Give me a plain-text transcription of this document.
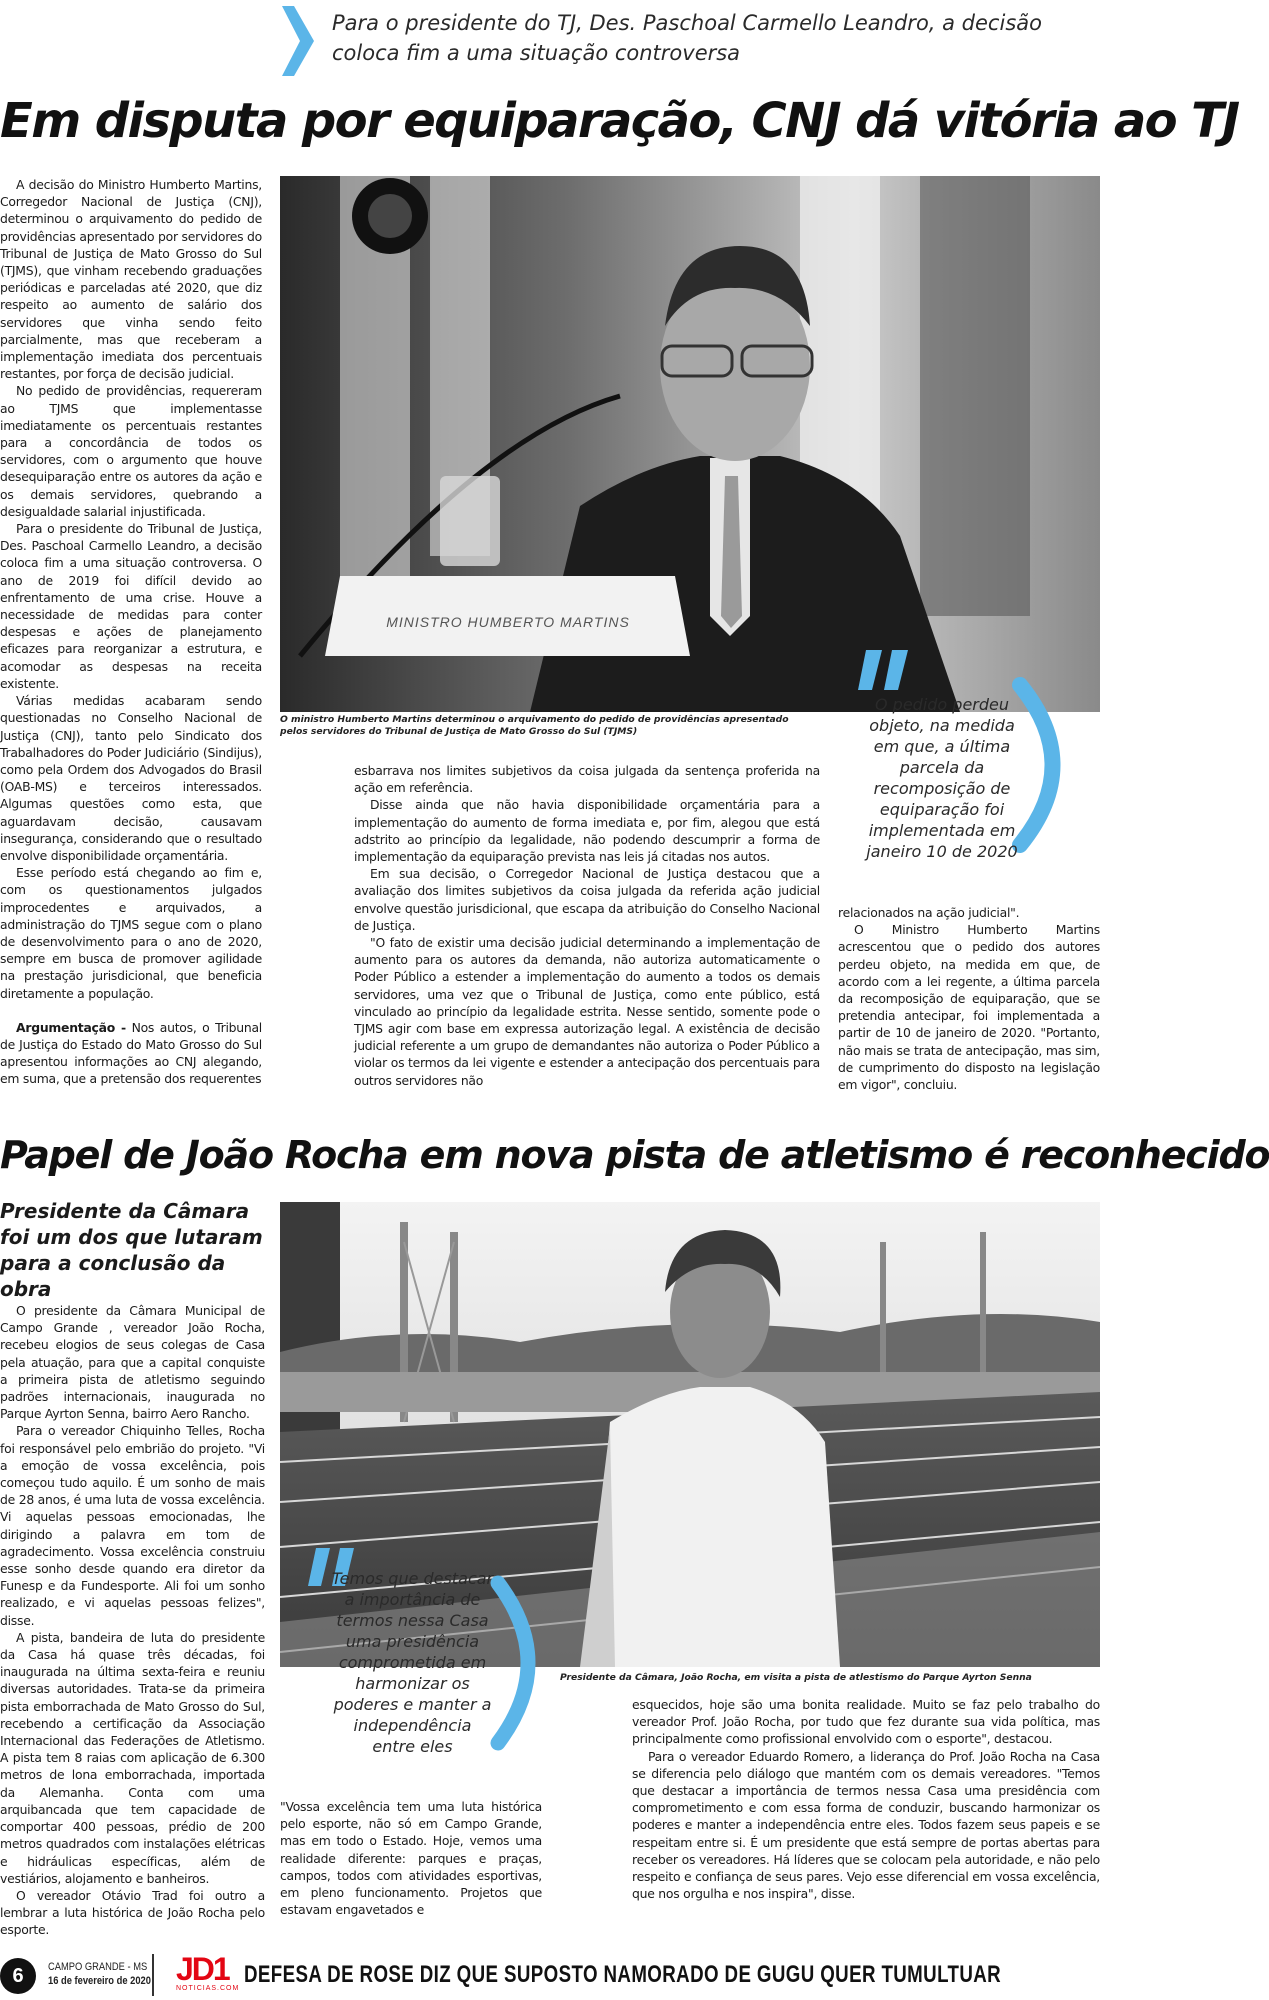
Para o presidente do TJ, Des. Paschoal Carmello Leandro, a decisão coloca fim a uma situação controversa
Em disputa por equiparação, CNJ dá vitória ao TJ

A decisão do Ministro Humberto Martins, Corregedor Nacional de Justiça (CNJ), determinou o arquivamento do pedido de providências apresentado por servidores do Tribunal de Justiça de Mato Grosso do Sul (TJMS), que vinham recebendo graduações periódicas e parceladas até 2020, que diz respeito ao aumento de salário dos servidores que vinha sendo feito parcialmente, mas que receberam a implementação imediata dos percentuais restantes, por força de decisão judicial.

No pedido de providências, requereram ao TJMS que implementasse imediatamente os percentuais restantes para a concordância de todos os servidores, com o argumento que houve desequiparação entre os autores da ação e os demais servidores, quebrando a desigualdade salarial injustificada.

Para o presidente do Tribunal de Justiça, Des. Paschoal Carmello Leandro, a decisão coloca fim a uma situação controversa. O ano de 2019 foi difícil devido ao enfrentamento de uma crise. Houve a necessidade de medidas para conter despesas e ações de planejamento eficazes para reorganizar a estrutura, e acomodar as despesas na receita existente.

Várias medidas acabaram sendo questionadas no Conselho Nacional de Justiça (CNJ), tanto pelo Sindicato dos Trabalhadores do Poder Judiciário (Sindijus), como pela Ordem dos Advogados do Brasil (OAB-MS) e terceiros interessados. Algumas questões como esta, que aguardavam decisão, causavam insegurança, considerando que o resultado envolve disponibilidade orçamentária.

Esse período está chegando ao fim e, com os questionamentos julgados improcedentes e arquivados, a administração do TJMS segue com o plano de desenvolvimento para o ano de 2020, sempre em busca de promover agilidade na prestação jurisdicional, que beneficia diretamente a população.

Argumentação - Nos autos, o Tribunal de Justiça do Estado do Mato Grosso do Sul apresentou informações ao CNJ alegando, em suma, que a pretensão dos requerentes

MINISTRO HUMBERTO MARTINS
O ministro Humberto Martins determinou o arquivamento do pedido de providências apresentado pelos servidores do Tribunal de Justiça de Mato Grosso do Sul (TJMS)
O pedido perdeu objeto, na medida em que, a última parcela da recomposição de equiparação foi implementada em janeiro 10 de 2020

esbarrava nos limites subjetivos da coisa julgada da sentença proferida na ação em referência.

Disse ainda que não havia disponibilidade orçamentária para a implementação do aumento de forma imediata e, por fim, alegou que está adstrito ao princípio da legalidade, não podendo descumprir a forma de implementação da equiparação prevista nas leis já citadas nos autos.

Em sua decisão, o Corregedor Nacional de Justiça destacou que a avaliação dos limites subjetivos da coisa julgada da referida ação judicial envolve questão jurisdicional, que escapa da atribuição do Conselho Nacional de Justiça.

"O fato de existir uma decisão judicial determinando a implementação de aumento para os autores da demanda, não autoriza automaticamente o Poder Público a estender a implementação do aumento a todos os demais servidores, uma vez que o Tribunal de Justiça, como ente público, está vinculado ao princípio da legalidade estrita. Nesse sentido, somente pode o TJMS agir com base em expressa autorização legal. A existência de decisão judicial referente a um grupo de demandantes não autoriza o Poder Público a violar os termos da lei vigente e estender a antecipação dos percentuais para outros servidores não

relacionados na ação judicial".

O Ministro Humberto Martins acrescentou que o pedido dos autores perdeu objeto, na medida em que, de acordo com a lei regente, a última parcela da recomposição de equiparação, que se pretendia antecipar, foi implementada a partir de 10 de janeiro de 2020. "Portanto, não mais se trata de antecipação, mas sim, de cumprimento do disposto na legislação em vigor", concluiu.

Papel de João Rocha em nova pista de atletismo é reconhecido
Presidente da Câmara foi um dos que lutaram para a conclusão da obra

O presidente da Câmara Municipal de Campo Grande , vereador João Rocha, recebeu elogios de seus colegas de Casa pela atuação, para que a capital conquiste a primeira pista de atletismo seguindo padrões internacionais, inaugurada no Parque Ayrton Senna, bairro Aero Rancho.

Para o vereador Chiquinho Telles, Rocha foi responsável pelo embrião do projeto. "Vi a emoção de vossa excelência, pois começou tudo aquilo. É um sonho de mais de 28 anos, é uma luta de vossa excelência. Vi aquelas pessoas emocionadas, lhe dirigindo a palavra em tom de agradecimento. Vossa excelência construiu esse sonho desde quando era diretor da Funesp e da Fundesporte. Ali foi um sonho realizado, e vi aquelas pessoas felizes", disse.

A pista, bandeira de luta do presidente da Casa há quase três décadas, foi inaugurada na última sexta-feira e reuniu diversas autoridades. Trata-se da primeira pista emborrachada de Mato Grosso do Sul, recebendo a certificação da Associação Internacional das Federações de Atletismo. A pista tem 8 raias com aplicação de 6.300 metros de lona emborrachada, importada da Alemanha. Conta com uma arquibancada que tem capacidade de comportar 400 pessoas, prédio de 200 metros quadrados com instalações elétricas e hidráulicas específicas, além de vestiários, alojamento e banheiros.

O vereador Otávio Trad foi outro a lembrar a luta histórica de João Rocha pelo esporte.

Presidente da Câmara, João Rocha, em visita a pista de atlestismo do Parque Ayrton Senna
Temos que destacar a importância de termos nessa Casa uma presidência comprometida em harmonizar os poderes e manter a independência entre eles

"Vossa excelência tem uma luta histórica pelo esporte, não só em Campo Grande, mas em todo o Estado. Hoje, vemos uma realidade diferente: parques e praças, campos, todos com atividades esportivas, em pleno funcionamento. Projetos que estavam engavetados e

esquecidos, hoje são uma bonita realidade. Muito se faz pelo trabalho do vereador Prof. João Rocha, por tudo que fez durante sua vida política, mas principalmente como profissional envolvido com o esporte", destacou.

Para o vereador Eduardo Romero, a liderança do Prof. João Rocha na Casa se diferencia pelo diálogo que mantém com os demais vereadores. "Temos que destacar a importância de termos nessa Casa uma presidência com comprometimento e com essa forma de conduzir, buscando harmonizar os poderes e manter a independência entre eles. Todos fazem seus papeis e se respeitam entre si. É um presidente que está sempre de portas abertas para receber os vereadores. Há líderes que se colocam pela autoridade, e não pelo respeito e confiança de seus pares. Vejo esse diferencial em vossa excelência, que nos orgulha e nos inspira", disse.

6	CAMPO GRANDE - MS
16 de fevereiro de 2020 JD1
NOTICIAS.COM
DEFESA DE ROSE DIZ QUE SUPOSTO NAMORADO DE GUGU QUER TUMULTUAR
